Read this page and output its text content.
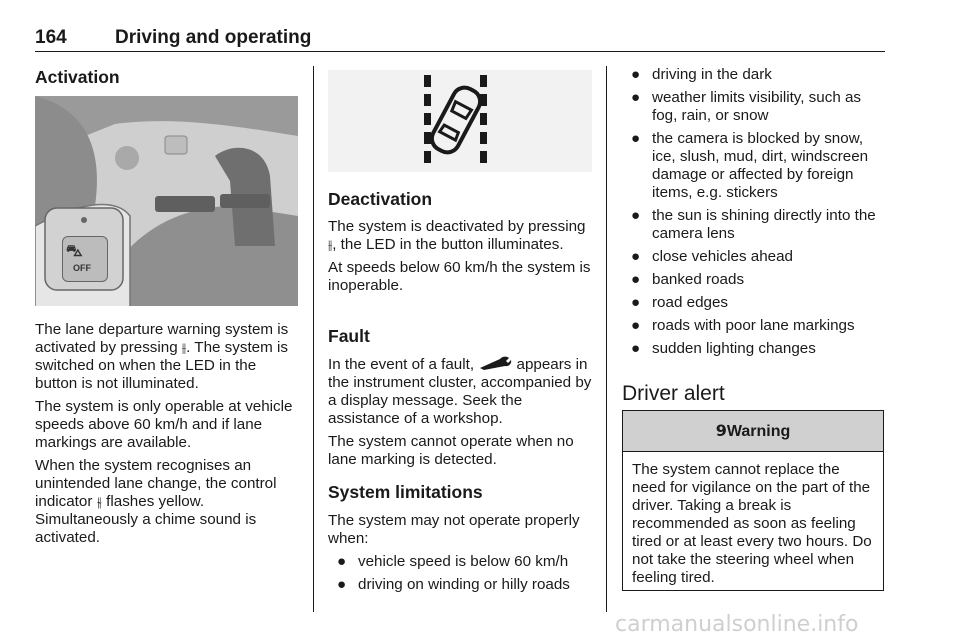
164	Driving and operating
Activation
⛍
OFF

The lane departure warning system is activated by pressing ⫲. The system is switched on when the LED in the button is not illuminated.

The system is only operable at vehicle speeds above 60 km/h and if lane markings are available.

When the system recognises an unintended lane change, the control indicator ⫳ flashes yellow.

Simultaneously a chime sound is activated.

Deactivation

The system is deactivated by pressing ⫲, the LED in the button illuminates.

At speeds below 60 km/h the system is inoperable.

Fault

In the event of a fault,  appears in the instrument cluster, accompanied by a display message. Seek the assistance of a workshop.

The system cannot operate when no lane marking is detected.

System limitations

The system may not operate properly when:

● vehicle speed is below 60 km/h
● driving on winding or hilly roads
● driving in the dark
● weather limits visibility, such as fog, rain, or snow
● the camera is blocked by snow, ice, slush, mud, dirt, windscreen damage or affected by foreign items, e.g. stickers
● the sun is shining directly into the camera lens
● close vehicles ahead
● banked roads
● road edges
● roads with poor lane markings
● sudden lighting changes
Driver alert
9Warning

The system cannot replace the need for vigilance on the part of the driver. Taking a break is recommended as soon as feeling tired or at least every two hours. Do not take the steering wheel when feeling tired.

carmanualsonline.info
